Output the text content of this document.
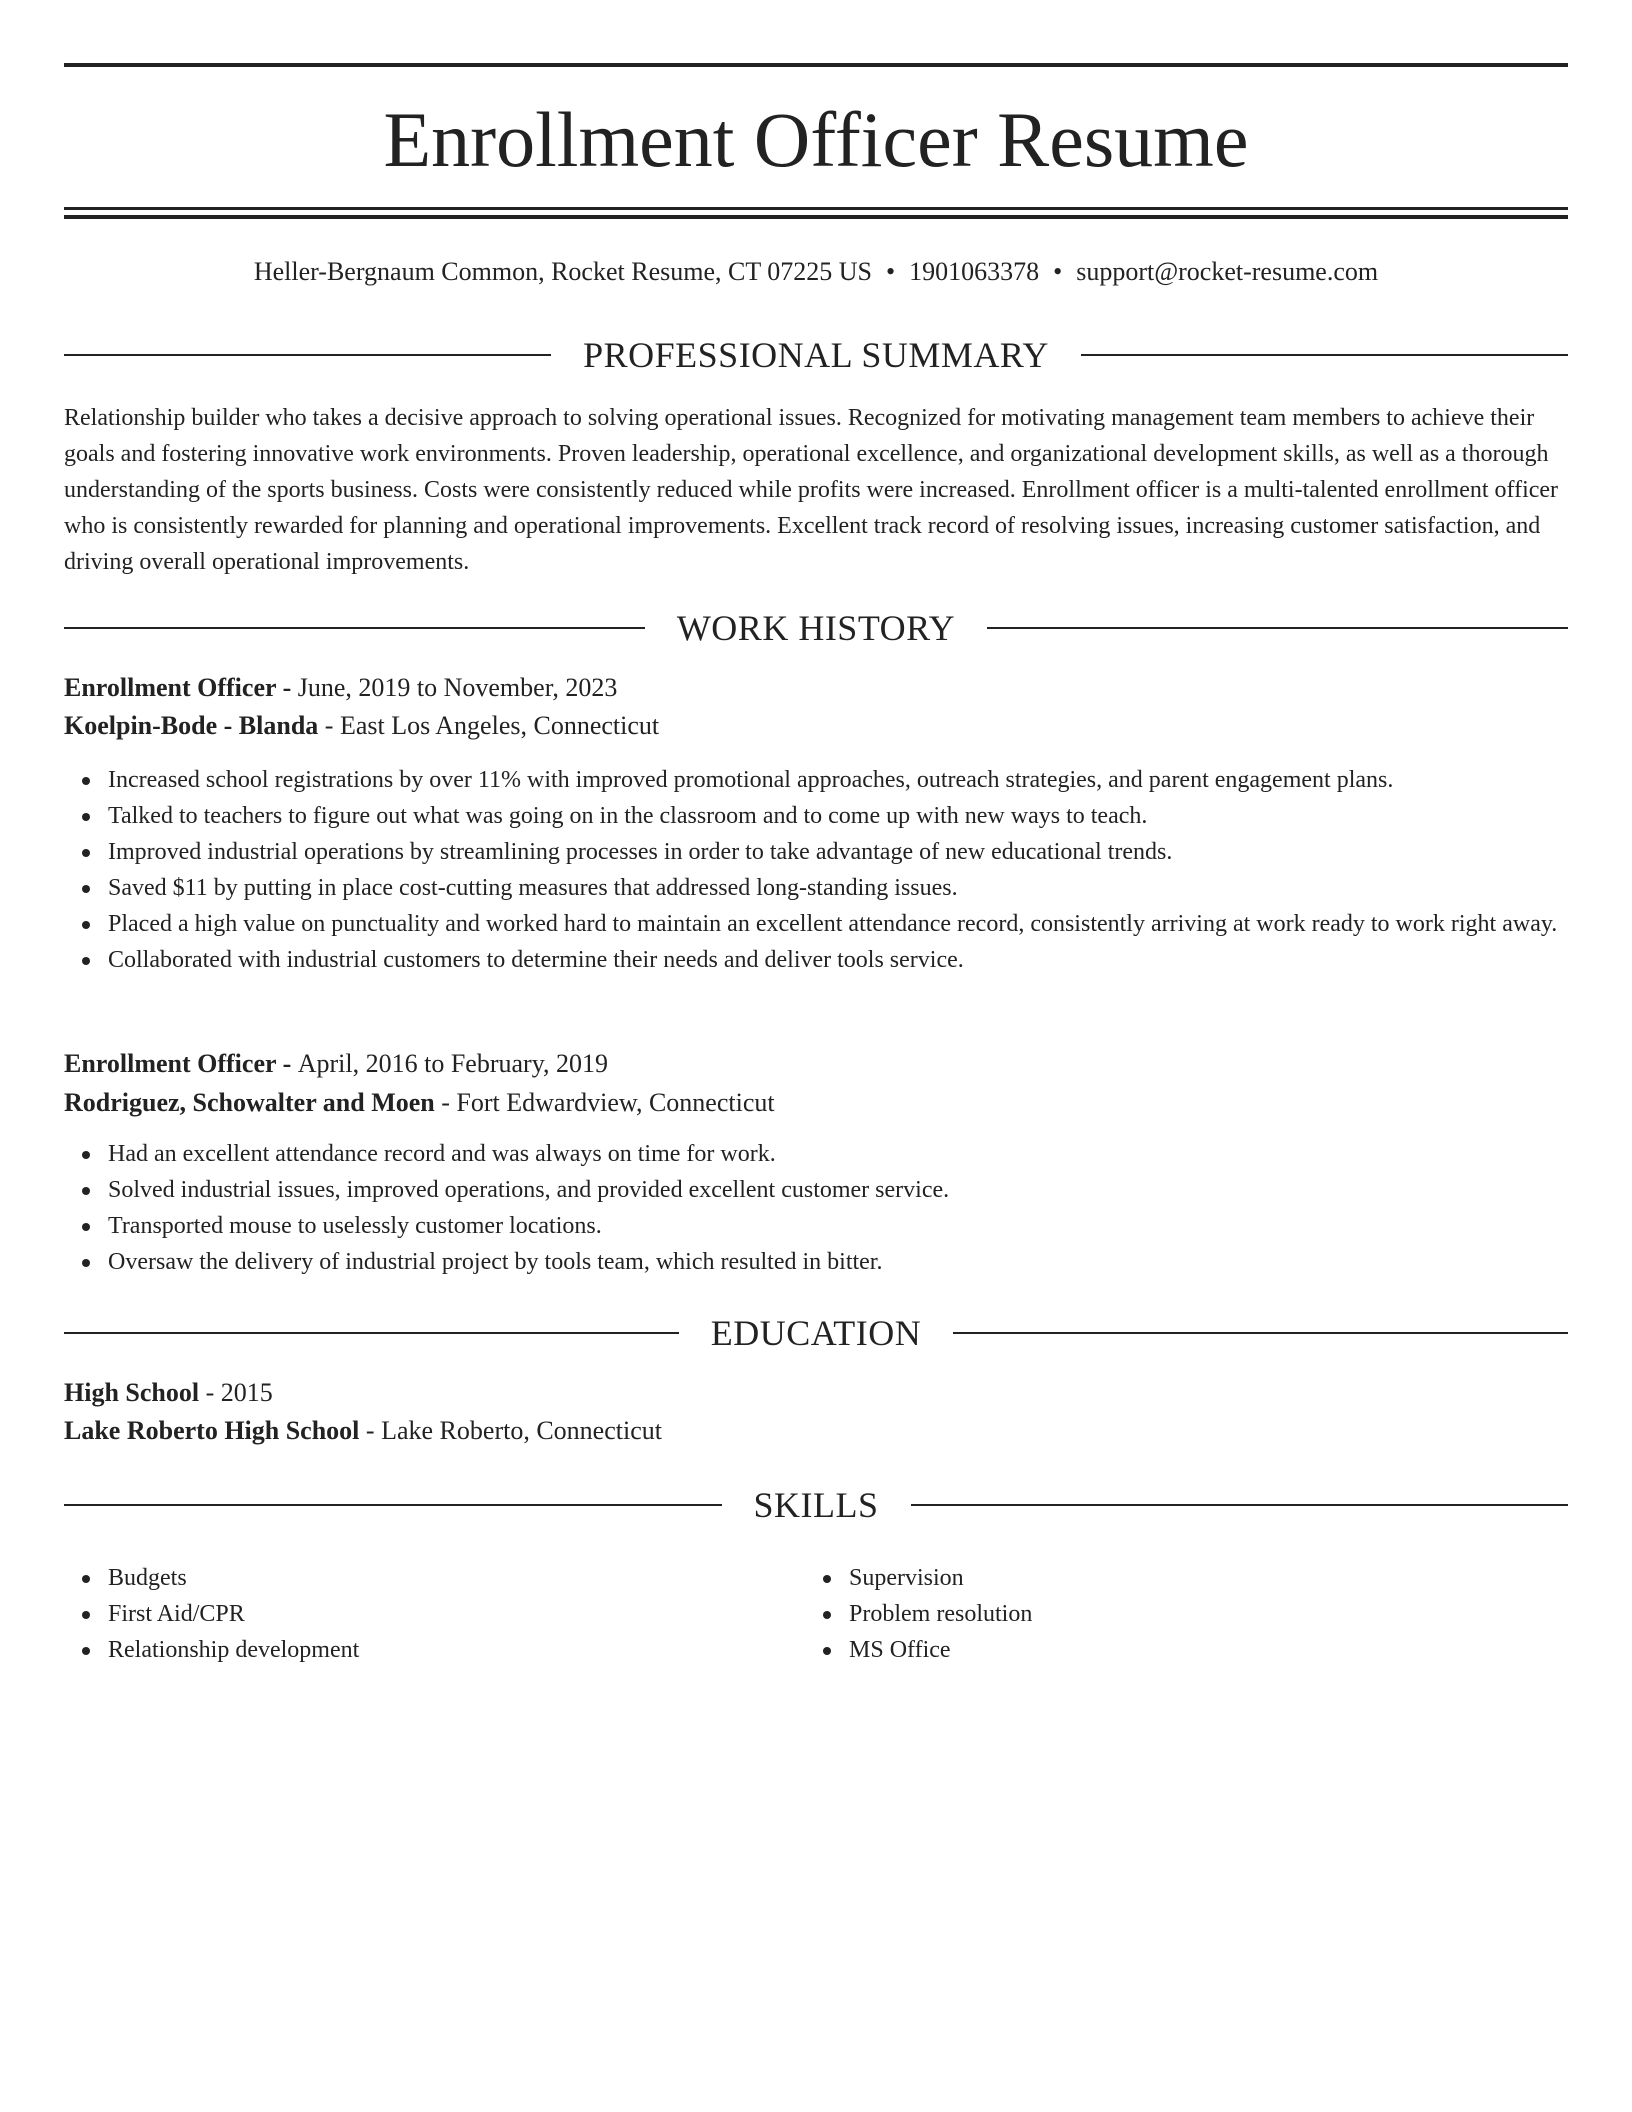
Enrollment Officer Resume
Heller-Bergnaum Common, Rocket Resume, CT 07225 US • 1901063378 • support@rocket-resume.com
PROFESSIONAL SUMMARY

Relationship builder who takes a decisive approach to solving operational issues. Recognized for motivating management team members to achieve their goals and fostering innovative work environments. Proven leadership, operational excellence, and organizational development skills, as well as a thorough understanding of the sports business. Costs were consistently reduced while profits were increased. Enrollment officer is a multi-talented enrollment officer who is consistently rewarded for planning and operational improvements. Excellent track record of resolving issues, increasing customer satisfaction, and driving overall operational improvements.

WORK HISTORY
Enrollment Officer - June, 2019 to November, 2023
Koelpin-Bode - Blanda - East Los Angeles, Connecticut
Increased school registrations by over 11% with improved promotional approaches, outreach strategies, and parent engagement plans.
Talked to teachers to figure out what was going on in the classroom and to come up with new ways to teach.
Improved industrial operations by streamlining processes in order to take advantage of new educational trends.
Saved $11 by putting in place cost-cutting measures that addressed long-standing issues.
Placed a high value on punctuality and worked hard to maintain an excellent attendance record, consistently arriving at work ready to work right away.
Collaborated with industrial customers to determine their needs and deliver tools service.
Enrollment Officer - April, 2016 to February, 2019
Rodriguez, Schowalter and Moen - Fort Edwardview, Connecticut
Had an excellent attendance record and was always on time for work.
Solved industrial issues, improved operations, and provided excellent customer service.
Transported mouse to uselessly customer locations.
Oversaw the delivery of industrial project by tools team, which resulted in bitter.
EDUCATION
High School - 2015
Lake Roberto High School - Lake Roberto, Connecticut
SKILLS
Budgets
First Aid/CPR
Relationship development
Supervision
Problem resolution
MS Office
